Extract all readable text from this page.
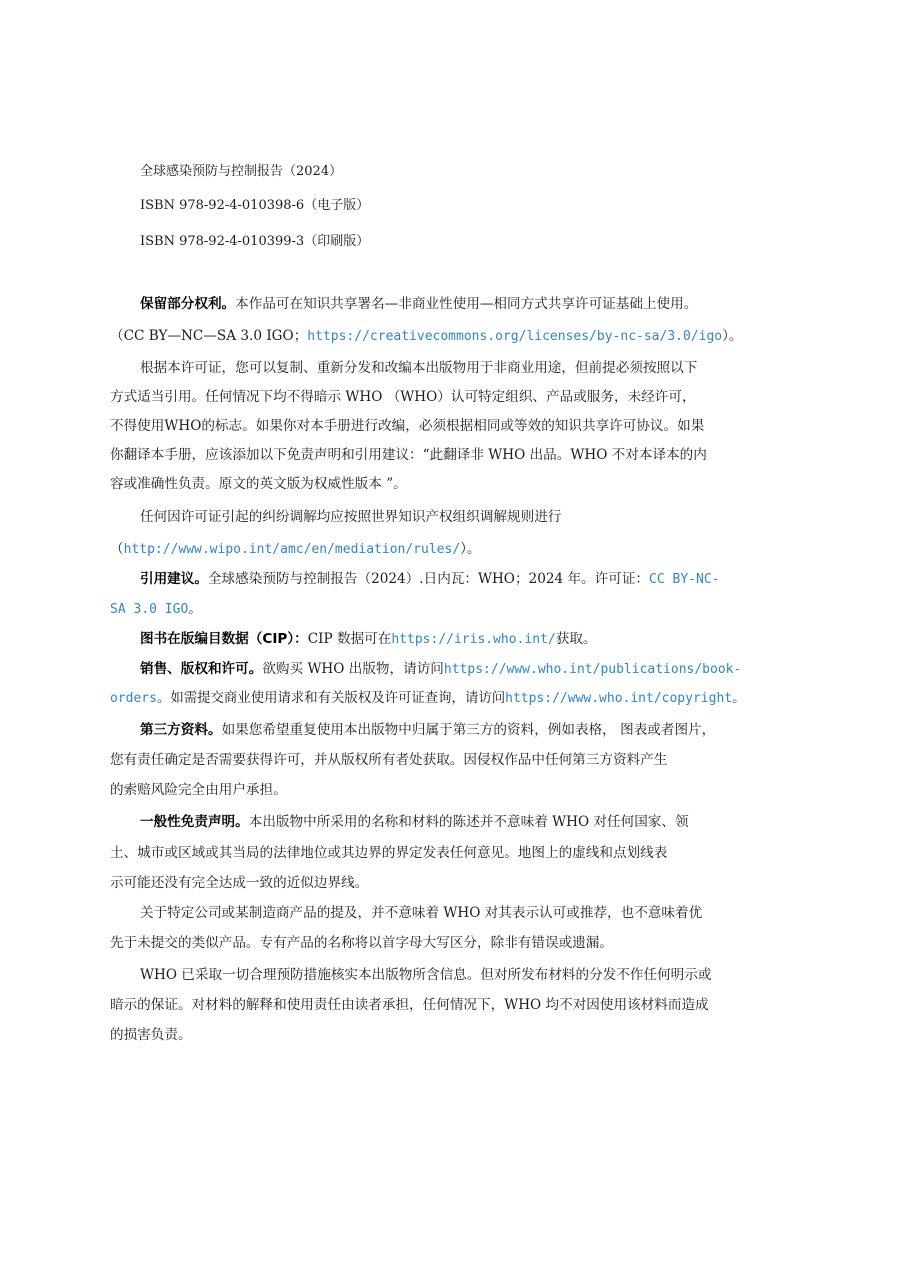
全球感染预防与控制报告（2024）
ISBN 978-92-4-010398-6（电子版）
ISBN 978-92-4-010399-3（印刷版）
保留部分权利。本作品可在知识共享署名—非商业性使用—相同方式共享许可证基础上使用。
（CC BY—NC—SA 3.0 IGO；https://creativecommons.org/licenses/by-nc-sa/3.0/igo）。
根据本许可证，您可以复制、重新分发和改编本出版物用于非商业用途，但前提必须按照以下
方式适当引用。任何情况下均不得暗示 WHO （WHO）认可特定组织、产品或服务，未经许可，
不得使用WHO的标志。如果你对本手册进行改编，必须根据相同或等效的知识共享许可协议。如果
你翻译本手册，应该添加以下免责声明和引用建议：“此翻译非 WHO 出品。WHO 不对本译本的内
容或准确性负责。原文的英文版为权威性版本 ”。
任何因许可证引起的纠纷调解均应按照世界知识产权组织调解规则进行
（http://www.wipo.int/amc/en/mediation/rules/）。
引用建议。全球感染预防与控制报告（2024）.日内瓦：WHO；2024 年。许可证：CC BY-NC-
SA 3.0 IGO。
图书在版编目数据（CIP）：CIP 数据可在https://iris.who.int/获取。
销售、版权和许可。欲购买 WHO 出版物，请访问https://www.who.int/publications/book-
orders。如需提交商业使用请求和有关版权及许可证查询，请访问https://www.who.int/copyright。
第三方资料。如果您希望重复使用本出版物中归属于第三方的资料，例如表格， 图表或者图片，
您有责任确定是否需要获得许可，并从版权所有者处获取。因侵权作品中任何第三方资料产生
的索赔风险完全由用户承担。
一般性免责声明。本出版物中所采用的名称和材料的陈述并不意味着 WHO 对任何国家、领
土、城市或区域或其当局的法律地位或其边界的界定发表任何意见。地图上的虚线和点划线表
示可能还没有完全达成一致的近似边界线。
关于特定公司或某制造商产品的提及，并不意味着 WHO 对其表示认可或推荐，也不意味着优
先于未提交的类似产品。专有产品的名称将以首字母大写区分，除非有错误或遗漏。
WHO 已采取一切合理预防措施核实本出版物所含信息。但对所发布材料的分发不作任何明示或
暗示的保证。对材料的解释和使用责任由读者承担，任何情况下，WHO 均不对因使用该材料而造成
的损害负责。
